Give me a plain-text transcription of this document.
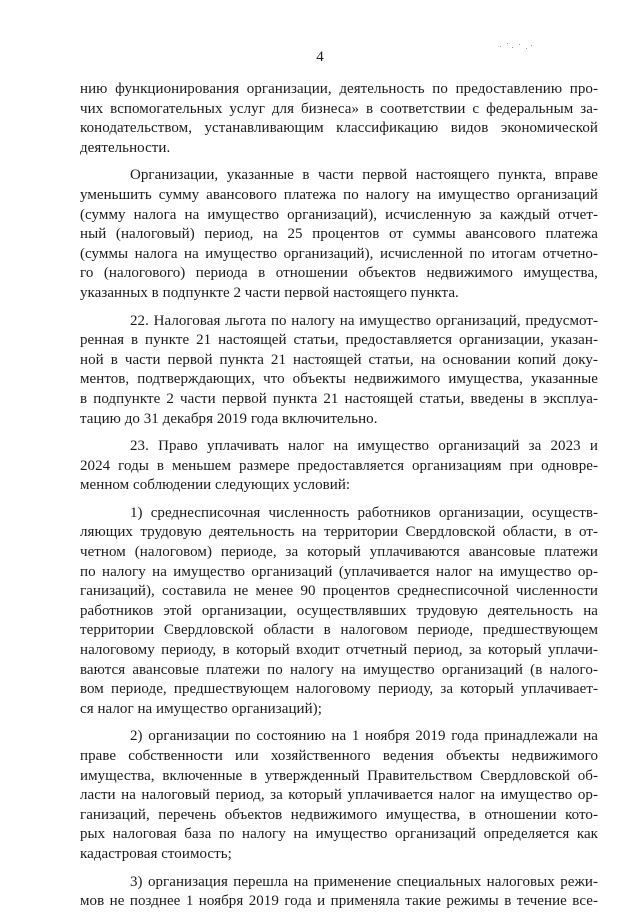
4

нию функционирования организации, деятельность по предоставлению про-
чих вспомогательных услуг для бизнеса» в соответствии с федеральным за-
конодательством, устанавливающим классификацию видов экономической
деятельности.

Организации, указанные в части первой настоящего пункта, вправе
уменьшить сумму авансового платежа по налогу на имущество организаций
(сумму налога на имущество организаций), исчисленную за каждый отчет-
ный (налоговый) период, на 25 процентов от суммы авансового платежа
(суммы налога на имущество организаций), исчисленной по итогам отчетно-
го (налогового) периода в отношении объектов недвижимого имущества,
указанных в подпункте 2 части первой настоящего пункта.

22. Налоговая льгота по налогу на имущество организаций, предусмот-
ренная в пункте 21 настоящей статьи, предоставляется организации, указан-
ной в части первой пункта 21 настоящей статьи, на основании копий доку-
ментов, подтверждающих, что объекты недвижимого имущества, указанные
в подпункте 2 части первой пункта 21 настоящей статьи, введены в эксплуа-
тацию до 31 декабря 2019 года включительно.

23. Право уплачивать налог на имущество организаций за 2023 и
2024 годы в меньшем размере предоставляется организациям при одновре-
менном соблюдении следующих условий:

1) среднесписочная численность работников организации, осуществ-
ляющих трудовую деятельность на территории Свердловской области, в от-
четном (налоговом) периоде, за который уплачиваются авансовые платежи
по налогу на имущество организаций (уплачивается налог на имущество ор-
ганизаций), составила не менее 90 процентов среднесписочной численности
работников этой организации, осуществлявших трудовую деятельность на
территории Свердловской области в налоговом периоде, предшествующем
налоговому периоду, в который входит отчетный период, за который уплачи-
ваются авансовые платежи по налогу на имущество организаций (в налого-
вом периоде, предшествующем налоговому периоду, за который уплачивает-
ся налог на имущество организаций);

2) организации по состоянию на 1 ноября 2019 года принадлежали на
праве собственности или хозяйственного ведения объекты недвижимого
имущества, включенные в утвержденный Правительством Свердловской об-
ласти на налоговый период, за который уплачивается налог на имущество ор-
ганизаций, перечень объектов недвижимого имущества, в отношении кото-
рых налоговая база по налогу на имущество организаций определяется как
кадастровая стоимость;

3) организация перешла на применение специальных налоговых режи-
мов не позднее 1 ноября 2019 года и применяла такие режимы в течение все-
